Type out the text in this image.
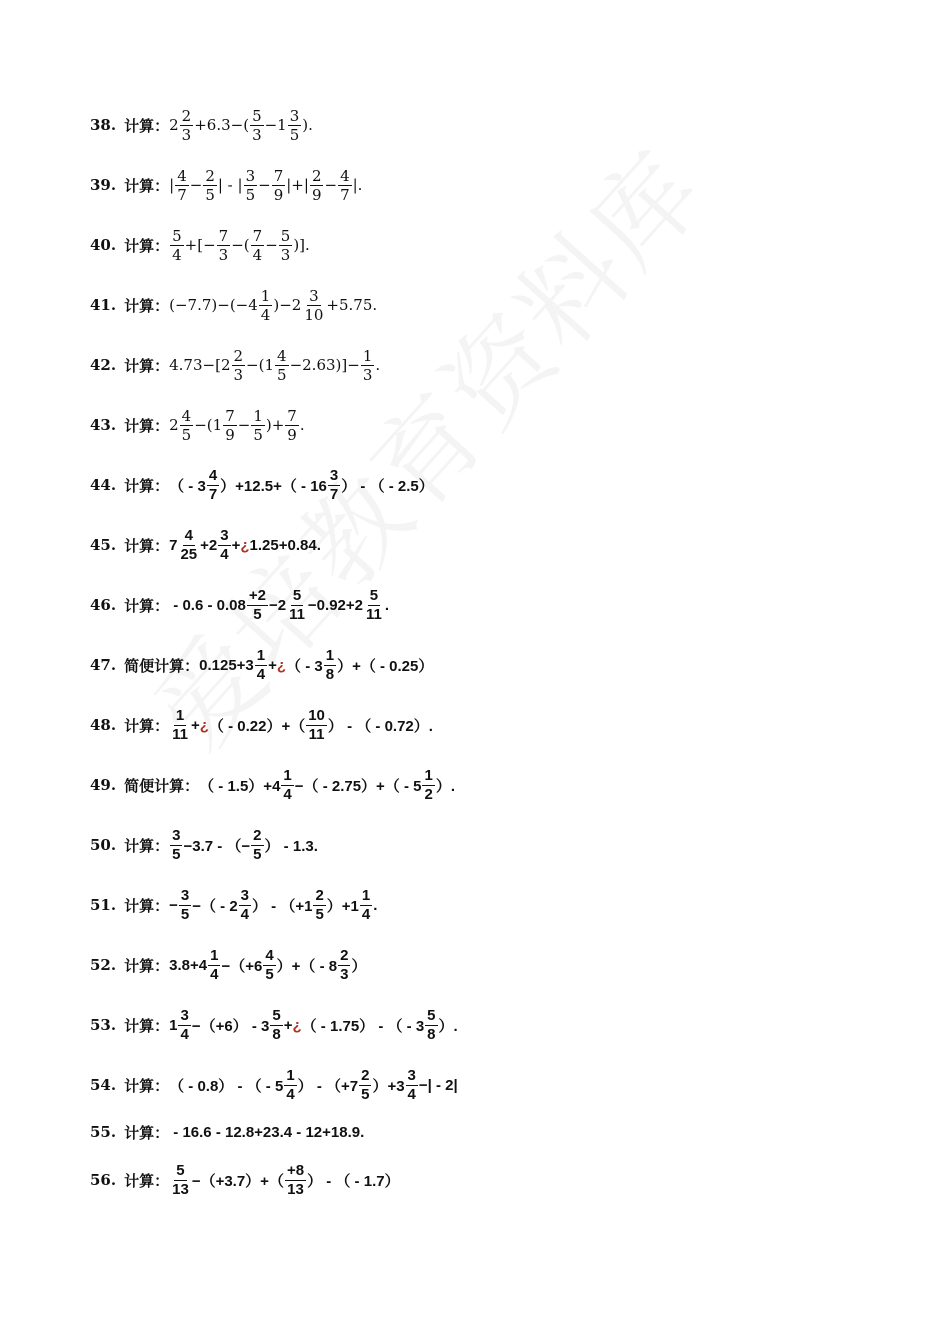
38. 计算： $2 \frac{2}{3} +6.3-( \frac{5}{3} -1 \frac{3}{5}$ ).
39. 计算： | $\frac{4}{7} - \frac{2}{5}$ | - | $\frac{3}{5} - \frac{7}{9}$ |+| $\frac{2}{9} - \frac{4}{7}$ |.
40. 计算： $\frac{5}{4}$ +[− $\frac{7}{3}$ −( $\frac{7}{4} - \frac{5}{3}$ )].
41. 计算： $(-7.7)-(-4 \frac{1}{4} )-2 \frac{3}{10} +5.75$.
42. 计算： $4.73-[2 \frac{2}{3} -(1 \frac{4}{5} -2.63)]- \frac{1}{3}$ .
43. 计算： $2 \frac{4}{5} -(1 \frac{7}{9} - \frac{1}{5}$ )+ $\frac{7}{9}$ .
44. 计算： （ - $3 \frac{4}{7} )+12.5+( - 16 \frac{3}{7}$ ） - （ - 2.5）
45. 计算： $7 \frac{4}{25} +2 \frac{3}{4}$ + ¿ 1.25+0.84.
46. 计算： - $0.6 - 0.08 \frac{+2}{5} -2 \frac{5}{11} -0.92+2 \frac{5}{11}$ .
47. 简便计算： $0.125+3 \frac{1}{4}$ + ¿ （ - $3 \frac{1}{8}$ ）+（ - 0.25）
48. 计算： $\frac{1}{11}$ + ¿ （ - $0.22)+( \frac{10}{11}$ ） - （ - 0.72）.
49. 简便计算： （ - $1.5)+4 \frac{1}{4}$ −（ - $2.75)+( - 5 \frac{1}{2}$ ）.
50. 计算： $\frac{3}{5} -3.7$ - （− $\frac{2}{5}$ ） - 1.3.
51. 计算： − $\frac{3}{5}$ −（ - $2 \frac{3}{4}$ ） - $(+1 \frac{2}{5} )+1 \frac{1}{4}$ .
52. 计算： $3.8+4 \frac{1}{4} -(+6 \frac{4}{5}$ ）+（ - $8 \frac{2}{3}$ ）
53. 计算： $1 \frac{3}{4} -(+6) - 3 \frac{5}{8}$ + ¿ （ - 1.75） - （ - $3 \frac{5}{8}$ ）.
54. 计算： （ - 0.8） - （ - $5 \frac{1}{4}$ ） - $(+7 \frac{2}{5} )+3 \frac{3}{4}$ −| - 2|
55. 计算： - 16.6 - 12.8+23.4 - 12+18.9.
56. 计算： $\frac{5}{13} -(+3.7)+( \frac{+8}{13}$ ） - （ - 1.7）
